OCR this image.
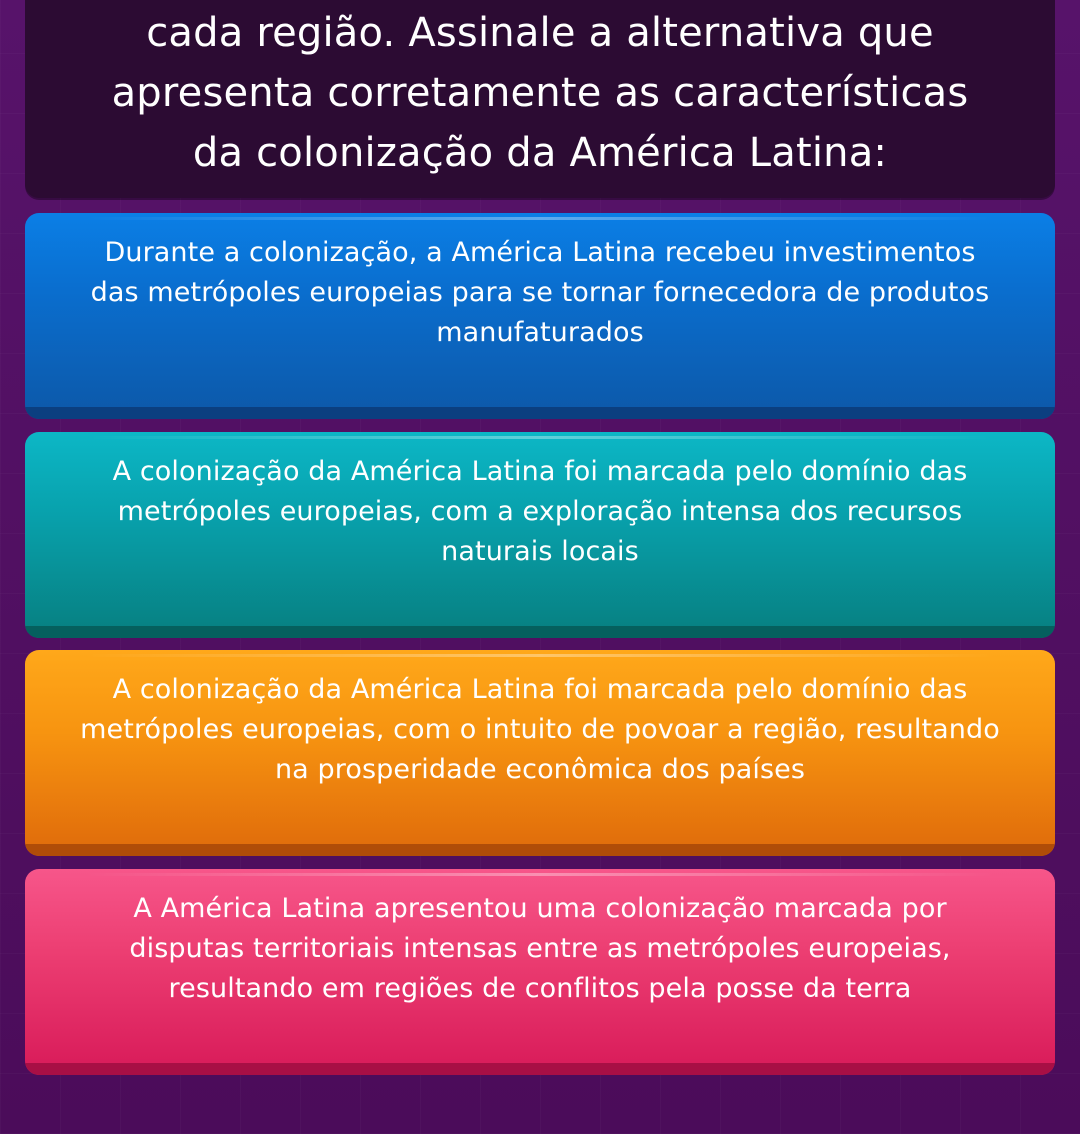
cada região. Assinale a alternativa que
apresenta corretamente as características
da colonização da América Latina:

Durante a colonização, a América Latina recebeu investimentos
das metrópoles europeias para se tornar fornecedora de produtos
manufaturados

A colonização da América Latina foi marcada pelo domínio das
metrópoles europeias, com a exploração intensa dos recursos
naturais locais

A colonização da América Latina foi marcada pelo domínio das
metrópoles europeias, com o intuito de povoar a região, resultando
na prosperidade econômica dos países

A América Latina apresentou uma colonização marcada por
disputas territoriais intensas entre as metrópoles europeias,
resultando em regiões de conflitos pela posse da terra
